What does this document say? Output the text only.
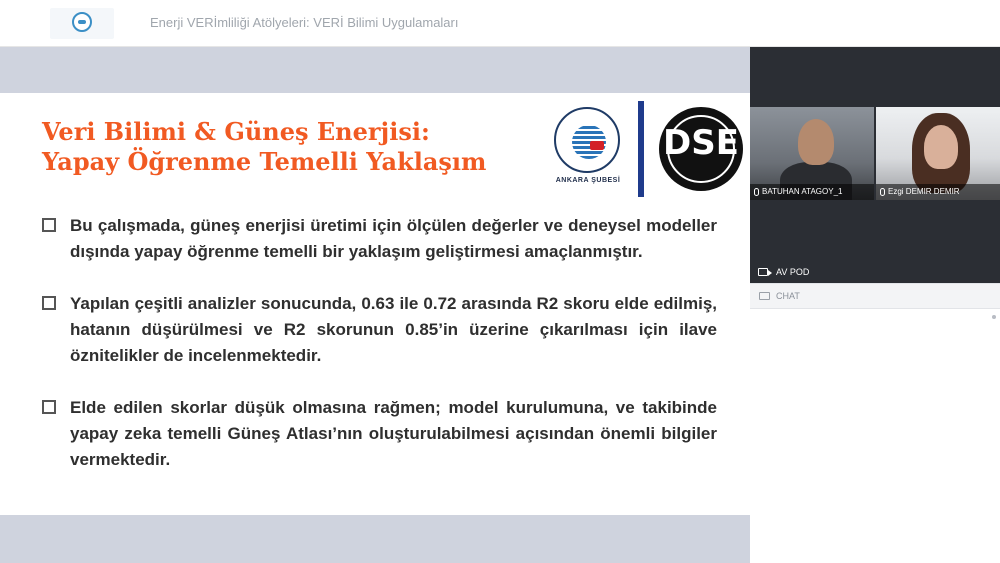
Enerji VERİmliliği Atölyeleri: VERİ Bilimi Uygulamaları
Veri Bilimi & Güneş Enerjisi:
Yapay Öğrenme Temelli Yaklaşım
ANKARA ŞUBESİ
DSE
Bu çalışmada, güneş enerjisi üretimi için ölçülen değerler ve deneysel modeller dışında yapay öğrenme temelli bir yaklaşım geliştirmesi amaçlanmıştır.
Yapılan çeşitli analizler sonucunda, 0.63 ile 0.72 arasında R2 skoru elde edilmiş, hatanın düşürülmesi ve R2 skorunun 0.85’in üzerine çıkarılması için ilave öznitelikler de incelenmektedir.
Elde edilen skorlar düşük olmasına rağmen; model kurulumuna, ve takibinde yapay zeka temelli Güneş Atlası’nın oluşturulabilmesi açısından önemli bilgiler vermektedir.
BATUHAN ATAGOY_1	Ezgi DEMIR DEMIR
AV POD
CHAT
